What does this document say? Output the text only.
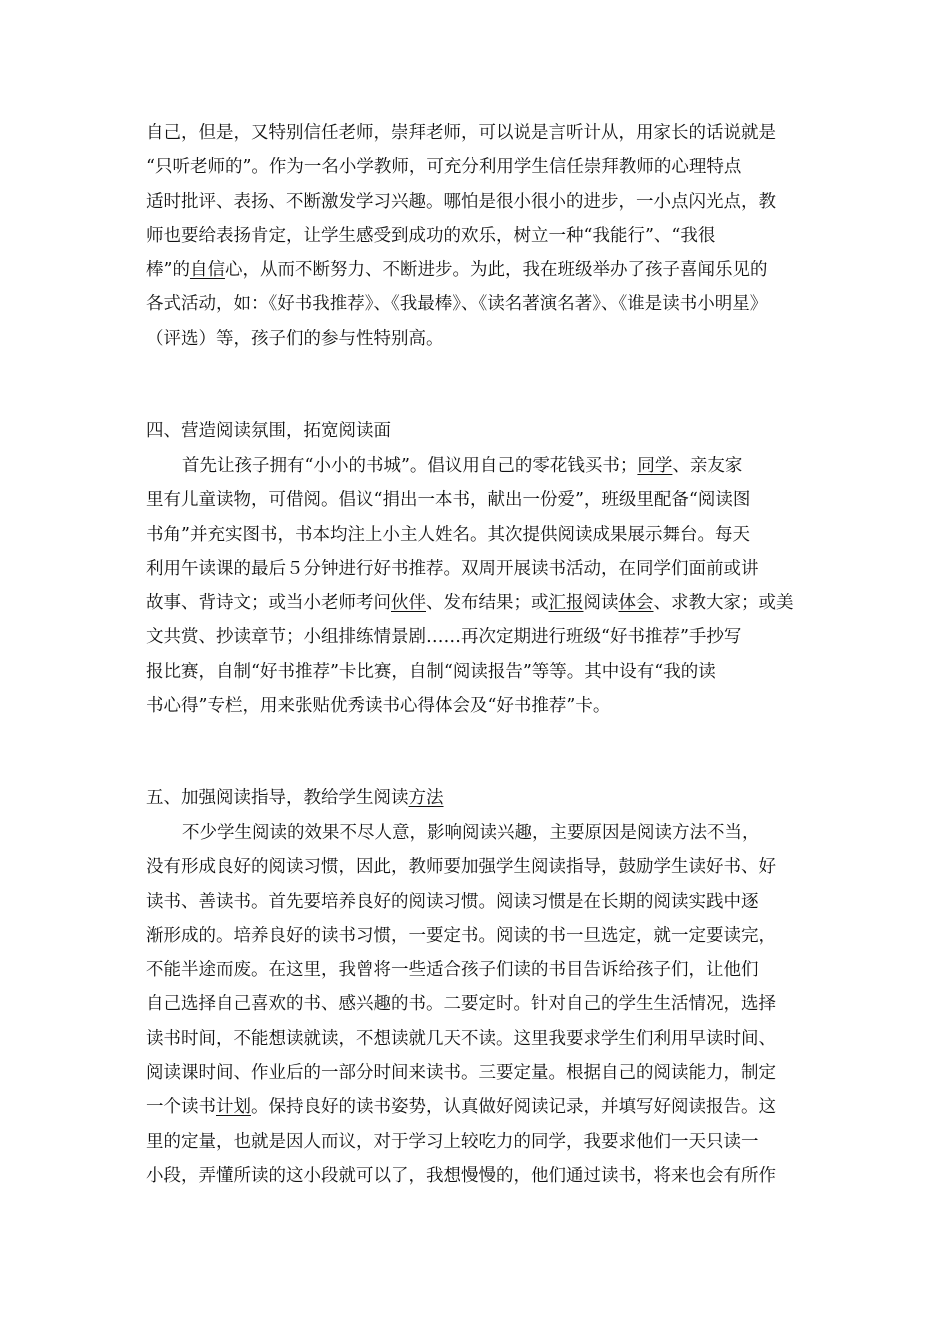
自己，但是，又特别信任老师，崇拜老师，可以说是言听计从，用家长的话说就是
“只听老师的”。作为一名小学教师，可充分利用学生信任崇拜教师的心理特点
适时批评、表扬、不断激发学习兴趣。哪怕是很小很小的进步，一小点闪光点，教
师也要给表扬肯定，让学生感受到成功的欢乐，树立一种“我能行”、“我很
棒”的自信心，从而不断努力、不断进步。为此，我在班级举办了孩子喜闻乐见的
各式活动，如：《好书我推荐》、《我最棒》、《读名著演名著》、《谁是读书小明星》
（评选）等，孩子们的参与性特别高。
四、营造阅读氛围，拓宽阅读面
首先让孩子拥有“小小的书城”。倡议用自己的零花钱买书；同学、亲友家
里有儿童读物，可借阅。倡议“捐出一本书，献出一份爱”，班级里配备“阅读图
书角”并充实图书，书本均注上小主人姓名。其次提供阅读成果展示舞台。每天
利用午读课的最后５分钟进行好书推荐。双周开展读书活动，在同学们面前或讲
故事、背诗文；或当小老师考问伙伴、发布结果；或汇报阅读体会、求教大家；或美
文共赏、抄读章节；小组排练情景剧……再次定期进行班级“好书推荐”手抄写
报比赛，自制“好书推荐”卡比赛，自制“阅读报告”等等。其中设有“我的读
书心得”专栏，用来张贴优秀读书心得体会及“好书推荐”卡。
五、加强阅读指导，教给学生阅读方法
不少学生阅读的效果不尽人意，影响阅读兴趣，主要原因是阅读方法不当，
没有形成良好的阅读习惯，因此，教师要加强学生阅读指导，鼓励学生读好书、好
读书、善读书。首先要培养良好的阅读习惯。阅读习惯是在长期的阅读实践中逐
渐形成的。培养良好的读书习惯，一要定书。阅读的书一旦选定，就一定要读完，
不能半途而废。在这里，我曾将一些适合孩子们读的书目告诉给孩子们，让他们
自己选择自己喜欢的书、感兴趣的书。二要定时。针对自己的学生生活情况，选择
读书时间，不能想读就读，不想读就几天不读。这里我要求学生们利用早读时间、
阅读课时间、作业后的一部分时间来读书。三要定量。根据自己的阅读能力，制定
一个读书计划。保持良好的读书姿势，认真做好阅读记录，并填写好阅读报告。这
里的定量，也就是因人而议，对于学习上较吃力的同学，我要求他们一天只读一
小段，弄懂所读的这小段就可以了，我想慢慢的，他们通过读书，将来也会有所作
